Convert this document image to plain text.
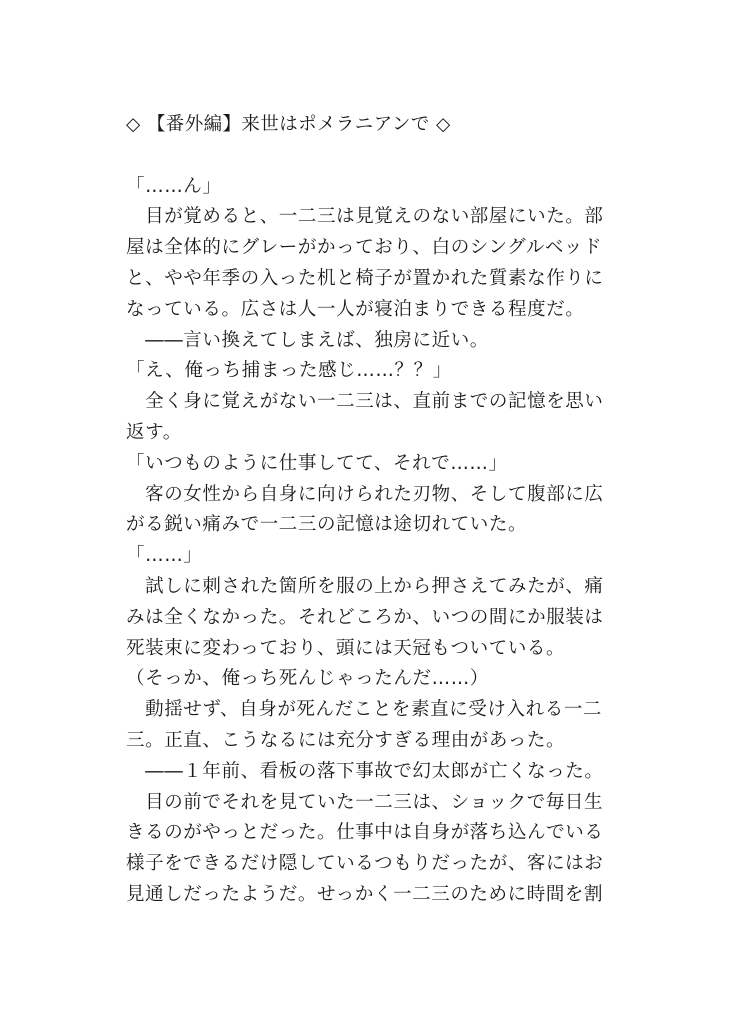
◇ 【番外編】来世はポメラニアンで ◇
「……ん」
　目が覚めると、一二三は見覚えのない部屋にいた。部
屋は全体的にグレーがかっており、白のシングルベッド
と、やや年季の入った机と椅子が置かれた質素な作りに
なっている。広さは人一人が寝泊まりできる程度だ。
　――言い換えてしまえば、独房に近い。
「え、俺っち捕まった感じ……？？」
　全く身に覚えがない一二三は、直前までの記憶を思い
返す。
「いつものように仕事してて、それで……」
　客の女性から自身に向けられた刃物、そして腹部に広
がる鋭い痛みで一二三の記憶は途切れていた。
「……」
　試しに刺された箇所を服の上から押さえてみたが、痛
みは全くなかった。それどころか、いつの間にか服装は
死装束に変わっており、頭には天冠もついている。
（そっか、俺っち死んじゃったんだ……）
　動揺せず、自身が死んだことを素直に受け入れる一二
三。正直、こうなるには充分すぎる理由があった。
　――１年前、看板の落下事故で幻太郎が亡くなった。
　目の前でそれを見ていた一二三は、ショックで毎日生
きるのがやっとだった。仕事中は自身が落ち込んでいる
様子をできるだけ隠しているつもりだったが、客にはお
見通しだったようだ。せっかく一二三のために時間を割
